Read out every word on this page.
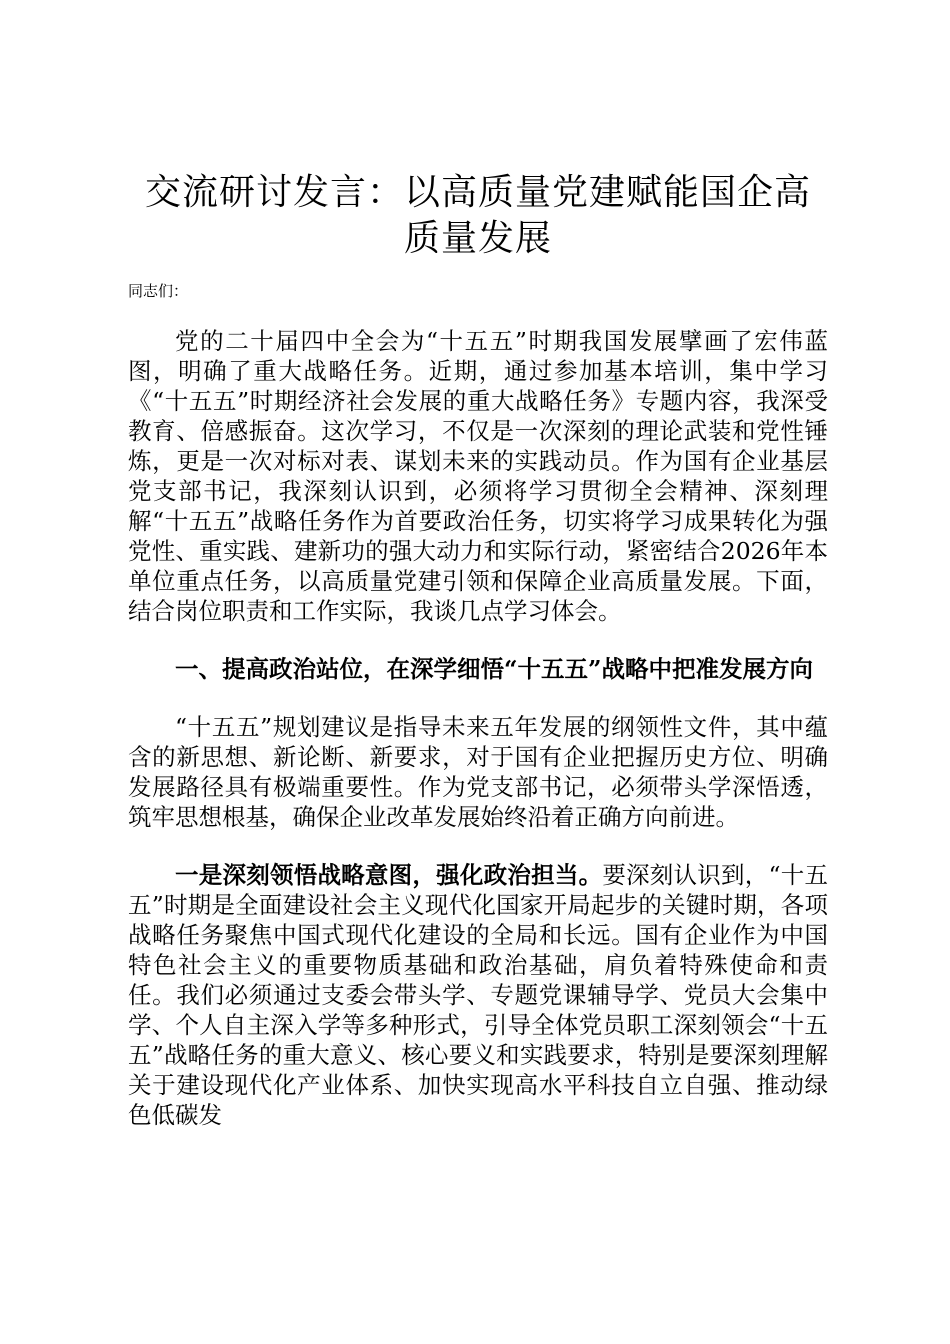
交流研讨发言：以高质量党建赋能国企高质量发展

同志们：

党的二十届四中全会为“十五五”时期我国发展擘画了宏伟蓝图，明确了重大战略任务。近期，通过参加基本培训，集中学习《“十五五”时期经济社会发展的重大战略任务》专题内容，我深受教育、倍感振奋。这次学习，不仅是一次深刻的理论武装和党性锤炼，更是一次对标对表、谋划未来的实践动员。作为国有企业基层党支部书记，我深刻认识到，必须将学习贯彻全会精神、深刻理解“十五五”战略任务作为首要政治任务，切实将学习成果转化为强党性、重实践、建新功的强大动力和实际行动，紧密结合2026年本单位重点任务，以高质量党建引领和保障企业高质量发展。下面，结合岗位职责和工作实际，我谈几点学习体会。

一、提高政治站位，在深学细悟“十五五”战略中把准发展方向

“十五五”规划建议是指导未来五年发展的纲领性文件，其中蕴含的新思想、新论断、新要求，对于国有企业把握历史方位、明确发展路径具有极端重要性。作为党支部书记，必须带头学深悟透，筑牢思想根基，确保企业改革发展始终沿着正确方向前进。

一是深刻领悟战略意图，强化政治担当。要深刻认识到，“十五五”时期是全面建设社会主义现代化国家开局起步的关键时期，各项战略任务聚焦中国式现代化建设的全局和长远。国有企业作为中国特色社会主义的重要物质基础和政治基础，肩负着特殊使命和责任。我们必须通过支委会带头学、专题党课辅导学、党员大会集中学、个人自主深入学等多种形式，引导全体党员职工深刻领会“十五五”战略任务的重大意义、核心要义和实践要求，特别是要深刻理解关于建设现代化产业体系、加快实现高水平科技自立自强、推动绿色低碳发
